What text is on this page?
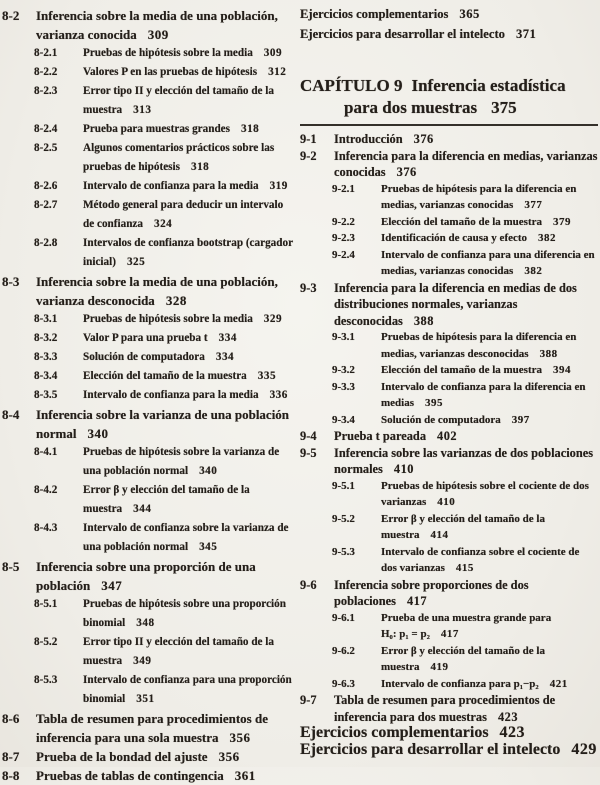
8-2	Inferencia sobre la media de una población, varianza conocida 309
8-2.1	Pruebas de hipótesis sobre la media 309
8-2.2	Valores P en las pruebas de hipótesis 312
8-2.3	Error tipo II y elección del tamaño de la muestra 313
8-2.4	Prueba para muestras grandes 318
8-2.5	Algunos comentarios prácticos sobre las pruebas de hipótesis 318
8-2.6	Intervalo de confianza para la media 319
8-2.7	Método general para deducir un intervalo de confianza 324
8-2.8	Intervalos de confianza bootstrap (cargador inicial) 325
8-3	Inferencia sobre la media de una población, varianza desconocida 328
8-3.1	Pruebas de hipótesis sobre la media 329
8-3.2	Valor P para una prueba t 334
8-3.3	Solución de computadora 334
8-3.4	Elección del tamaño de la muestra 335
8-3.5	Intervalo de confianza para la media 336
8-4	Inferencia sobre la varianza de una población normal 340
8-4.1	Pruebas de hipótesis sobre la varianza de una población normal 340
8-4.2	Error β y elección del tamaño de la muestra 344
8-4.3	Intervalo de confianza sobre la varianza de una población normal 345
8-5	Inferencia sobre una proporción de una población 347
8-5.1	Pruebas de hipótesis sobre una proporción binomial 348
8-5.2	Error tipo II y elección del tamaño de la muestra 349
8-5.3	Intervalo de confianza para una proporción binomial 351
8-6	Tabla de resumen para procedimientos de inferencia para una sola muestra 356
8-7	Prueba de la bondad del ajuste 356
8-8	Pruebas de tablas de contingencia 361
Ejercicios complementarios 365
Ejercicios para desarrollar el intelecto 371
CAPÍTULO 9 Inferencia estadística para dos muestras 375
9-1	Introducción 376
9-2	Inferencia para la diferencia en medias, varianzas conocidas 376
9-2.1	Pruebas de hipótesis para la diferencia en medias, varianzas conocidas 377
9-2.2	Elección del tamaño de la muestra 379
9-2.3	Identificación de causa y efecto 382
9-2.4	Intervalo de confianza para una diferencia en medias, varianzas conocidas 382
9-3	Inferencia para la diferencia en medias de dos distribuciones normales, varianzas desconocidas 388
9-3.1	Pruebas de hipótesis para la diferencia en medias, varianzas desconocidas 388
9-3.2	Elección del tamaño de la muestra 394
9-3.3	Intervalo de confianza para la diferencia en medias 395
9-3.4	Solución de computadora 397
9-4	Prueba t pareada 402
9-5	Inferencia sobre las varianzas de dos poblaciones normales 410
9-5.1	Pruebas de hipótesis sobre el cociente de dos varianzas 410
9-5.2	Error β y elección del tamaño de la muestra 414
9-5.3	Intervalo de confianza sobre el cociente de dos varianzas 415
9-6	Inferencia sobre proporciones de dos poblaciones 417
9-6.1	Prueba de una muestra grande para
H₀: p₁ = p₂ 417
9-6.2	Error β y elección del tamaño de la muestra 419
9-6.3	Intervalo de confianza para p₁−p₂ 421
9-7	Tabla de resumen para procedimientos de inferencia para dos muestras 423
Ejercicios complementarios 423
Ejercicios para desarrollar el intelecto 429
